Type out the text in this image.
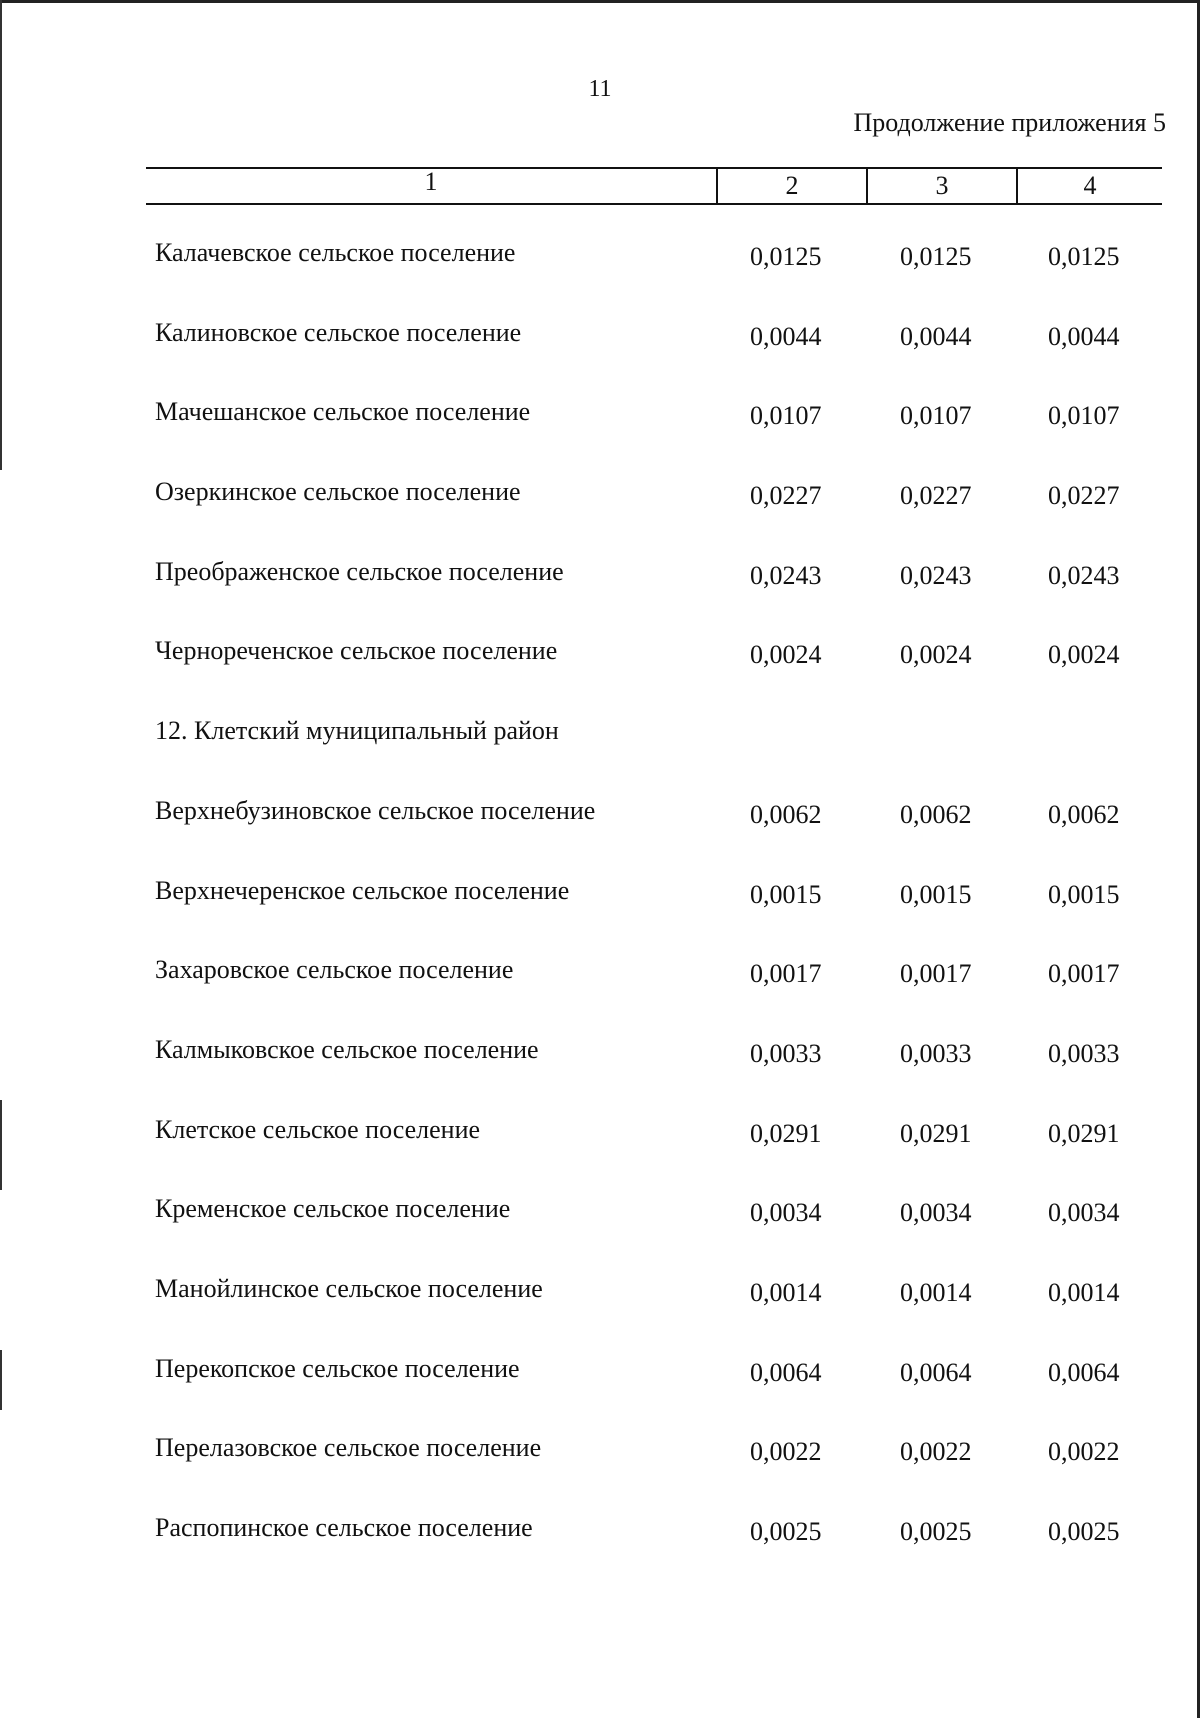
11
Продолжение приложения 5
1	2	3	4
Калачевское сельское поселение	0,0125	0,0125	0,0125
Калиновское сельское поселение	0,0044	0,0044	0,0044
Мачешанское сельское поселение	0,0107	0,0107	0,0107
Озеркинское сельское поселение	0,0227	0,0227	0,0227
Преображенское сельское поселение	0,0243	0,0243	0,0243
Чернореченское сельское поселение	0,0024	0,0024	0,0024
12. Клетский муниципальный район
Верхнебузиновское сельское поселение	0,0062	0,0062	0,0062
Верхнечеренское сельское поселение	0,0015	0,0015	0,0015
Захаровское сельское поселение	0,0017	0,0017	0,0017
Калмыковское сельское поселение	0,0033	0,0033	0,0033
Клетское сельское поселение	0,0291	0,0291	0,0291
Кременское сельское поселение	0,0034	0,0034	0,0034
Манойлинское сельское поселение	0,0014	0,0014	0,0014
Перекопское сельское поселение	0,0064	0,0064	0,0064
Перелазовское сельское поселение	0,0022	0,0022	0,0022
Распопинское сельское поселение	0,0025	0,0025	0,0025
